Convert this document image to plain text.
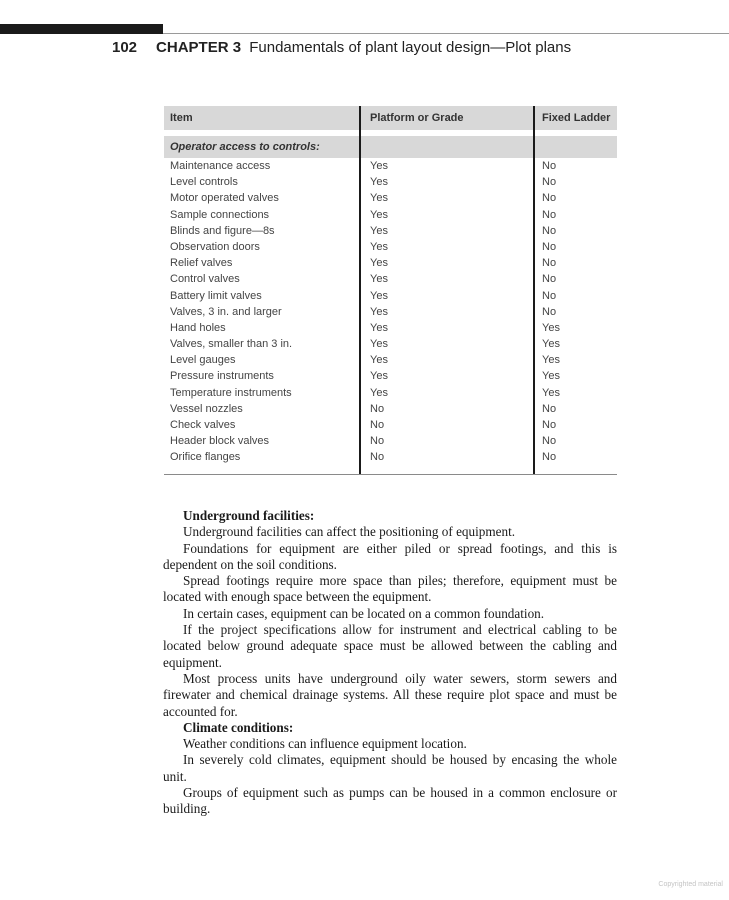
102 CHAPTER 3 Fundamentals of plant layout design—Plot plans
Item	Platform or Grade	Fixed Ladder
Operator access to controls:
Maintenance access	Yes	No
Level controls	Yes	No
Motor operated valves	Yes	No
Sample connections	Yes	No
Blinds and figure—8s	Yes	No
Observation doors	Yes	No
Relief valves	Yes	No
Control valves	Yes	No
Battery limit valves	Yes	No
Valves, 3 in. and larger	Yes	No
Hand holes	Yes	Yes
Valves, smaller than 3 in.	Yes	Yes
Level gauges	Yes	Yes
Pressure instruments	Yes	Yes
Temperature instruments	Yes	Yes
Vessel nozzles	No	No
Check valves	No	No
Header block valves	No	No
Orifice flanges	No	No
Underground facilities:

Underground facilities can affect the positioning of equipment.

Foundations for equipment are either piled or spread footings, and this is dependent on the soil conditions.

Spread footings require more space than piles; therefore, equipment must be located with enough space between the equipment.

In certain cases, equipment can be located on a common foundation.

If the project specifications allow for instrument and electrical cabling to be located below ground adequate space must be allowed between the cabling and equipment.

Most process units have underground oily water sewers, storm sewers and firewater and chemical drainage systems. All these require plot space and must be accounted for.

Climate conditions:

Weather conditions can influence equipment location.

In severely cold climates, equipment should be housed by encasing the whole unit.

Groups of equipment such as pumps can be housed in a common enclosure or building.

Copyrighted material
